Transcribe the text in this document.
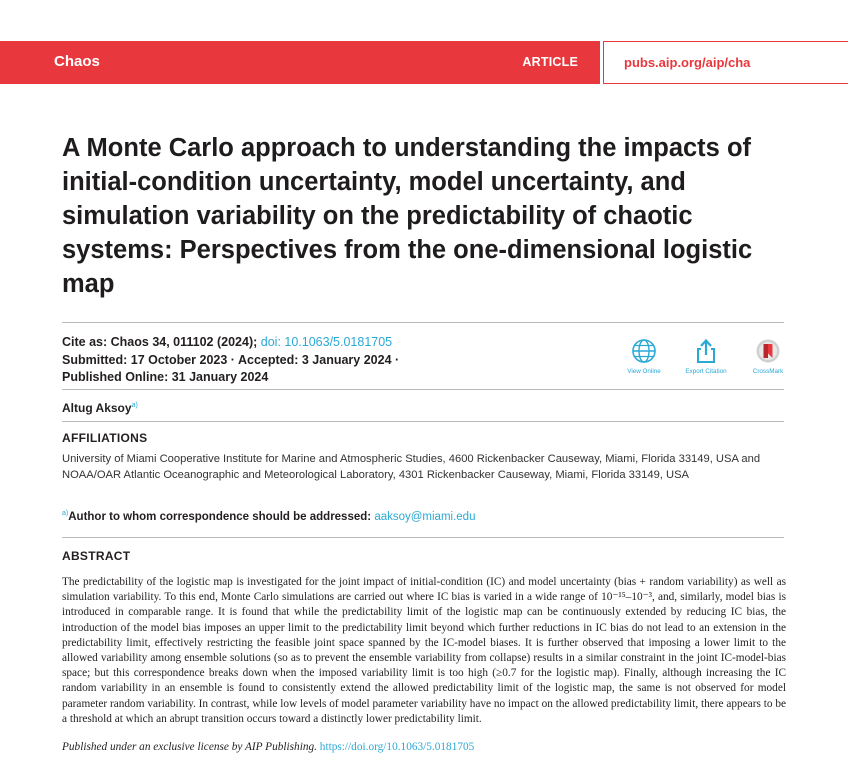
Chaos	ARTICLE	pubs.aip.org/aip/cha
A Monte Carlo approach to understanding the impacts of initial-condition uncertainty, model uncertainty, and simulation variability on the predictability of chaotic systems: Perspectives from the one-dimensional logistic map
Cite as: Chaos 34, 011102 (2024); doi: 10.1063/5.0181705
Submitted: 17 October 2023 · Accepted: 3 January 2024 ·
Published Online: 31 January 2024	View Online	Export Citation	CrossMark
Altug Aksoy$^{a)}$
AFFILIATIONS
University of Miami Cooperative Institute for Marine and Atmospheric Studies, 4600 Rickenbacker Causeway, Miami, Florida 33149, USA and NOAA/OAR Atlantic Oceanographic and Meteorological Laboratory, 4301 Rickenbacker Causeway, Miami, Florida 33149, USA
$^{a)}$Author to whom correspondence should be addressed: aaksoy@miami.edu
ABSTRACT

The predictability of the logistic map is investigated for the joint impact of initial-condition (IC) and model uncertainty (bias + random variability) as well as simulation variability. To this end, Monte Carlo simulations are carried out where IC bias is varied in a wide range of 10⁻¹⁵–10⁻³, and, similarly, model bias is introduced in comparable range. It is found that while the predictability limit of the logistic map can be continuously extended by reducing IC bias, the introduction of the model bias imposes an upper limit to the predictability limit beyond which further reductions in IC bias do not lead to an extension in the predictability limit, effectively restricting the feasible joint space spanned by the IC-model biases. It is further observed that imposing a lower limit to the allowed variability among ensemble solutions (so as to prevent the ensemble variability from collapse) results in a similar constraint in the joint IC-model-bias space; but this correspondence breaks down when the imposed variability limit is too high (≥0.7 for the logistic map). Finally, although increasing the IC random variability in an ensemble is found to consistently extend the allowed predictability limit of the logistic map, the same is not observed for model parameter random variability. In contrast, while low levels of model parameter variability have no impact on the allowed predictability limit, there appears to be a threshold at which an abrupt transition occurs toward a distinctly lower predictability limit.

Published under an exclusive license by AIP Publishing. https://doi.org/10.1063/5.0181705
